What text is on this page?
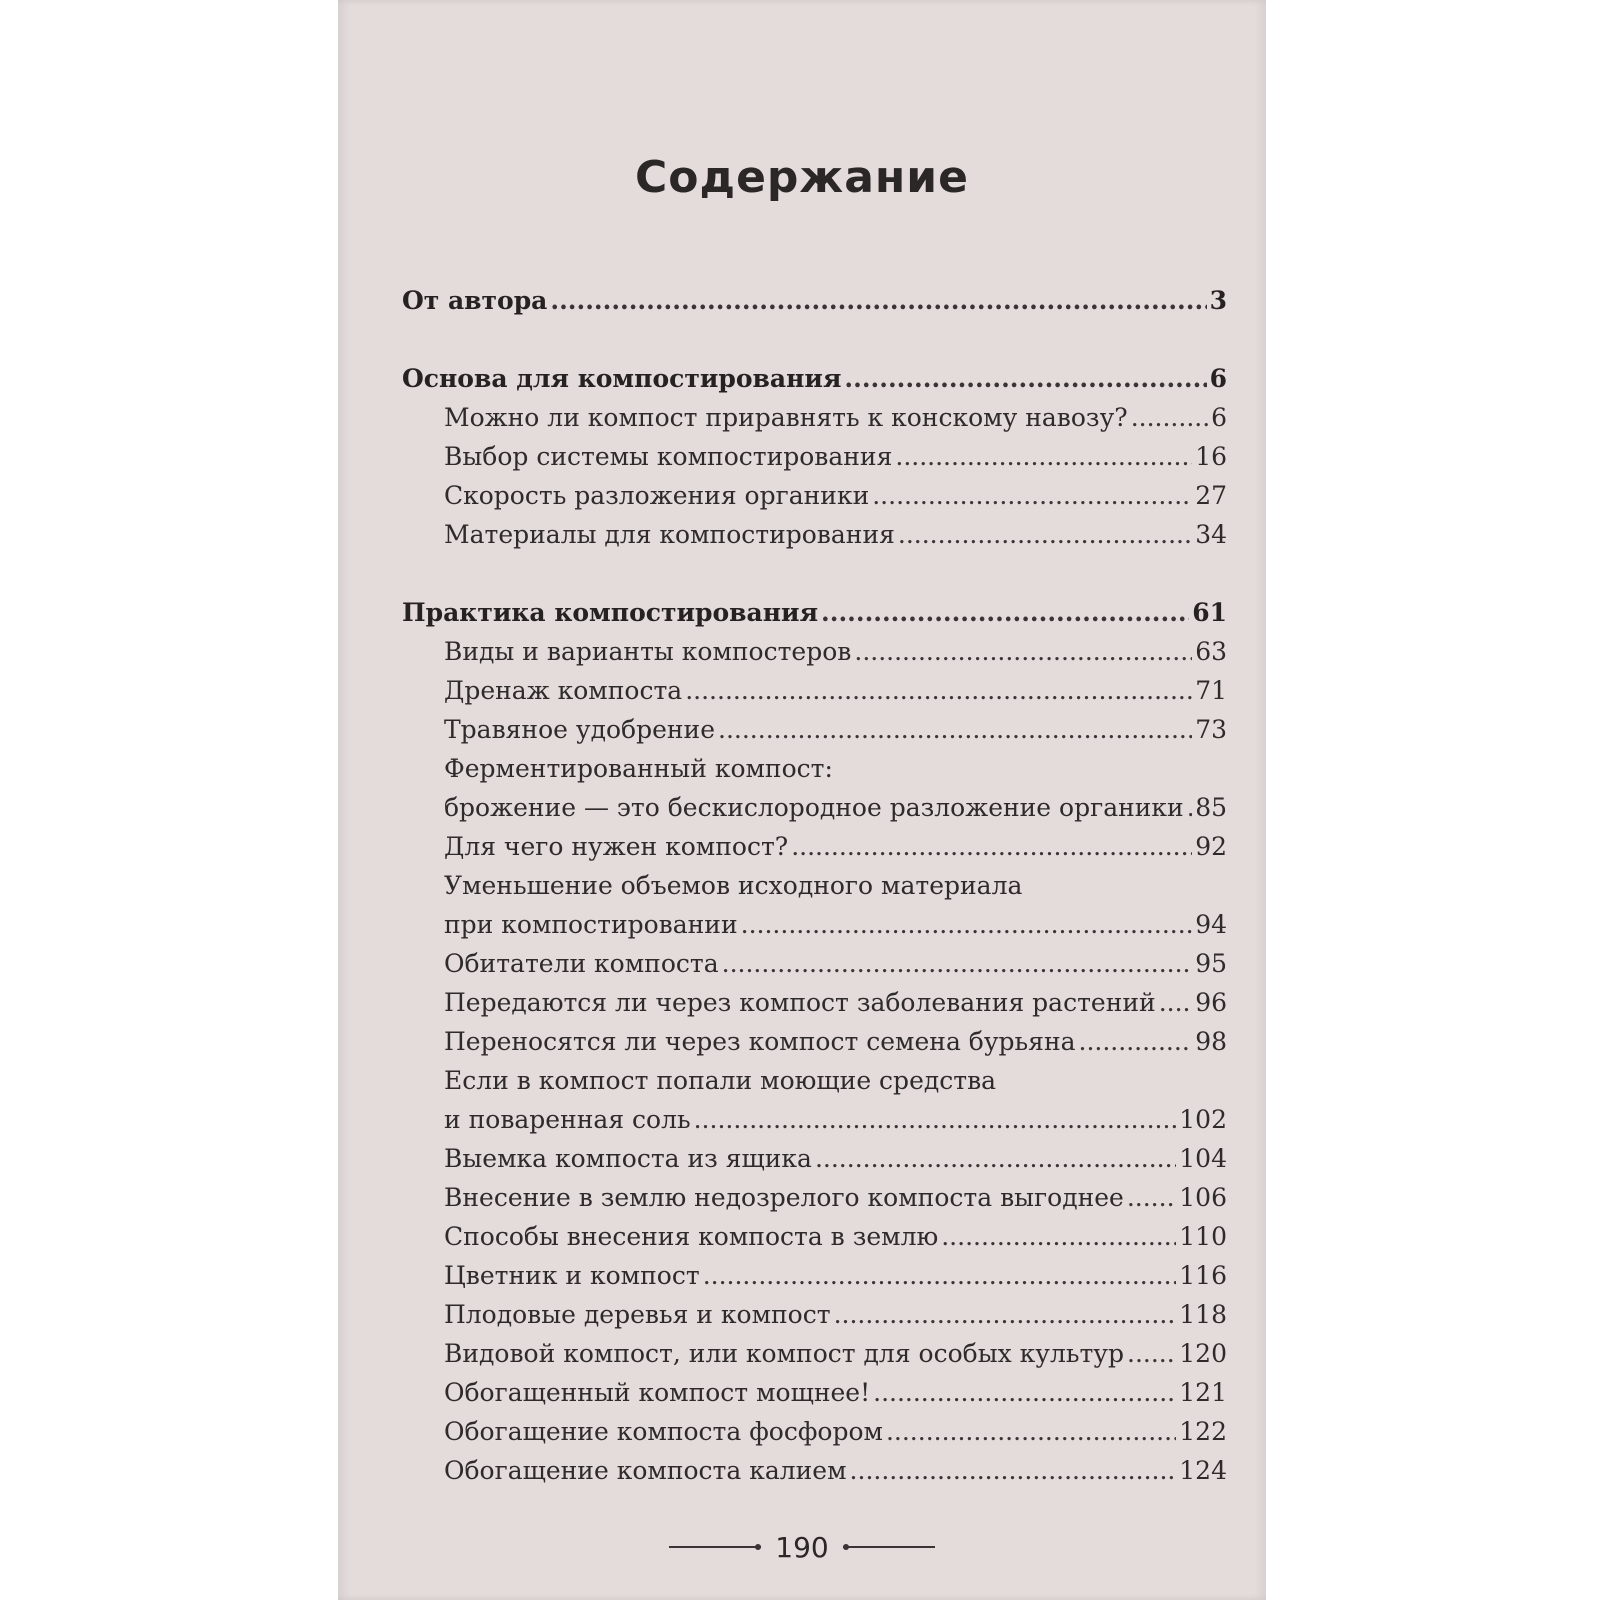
Содержание
От автора .....	3
Основа для компостирования .....	6
Можно ли компост приравнять к конскому навозу? .....	6
Выбор системы компостирования .....	16
Скорость разложения органики .....	27
Материалы для компостирования .....	34
Практика компостирования .....	61
Виды и варианты компостеров .....	63
Дренаж компоста .....	71
Травяное удобрение .....	73
Ферментированный компост:
брожение — это бескислородное разложение органики ..... 85
Для чего нужен компост? .....	92
Уменьшение объемов исходного материала
при компостировании .....	94
Обитатели компоста .....	95
Передаются ли через компост заболевания растений ..... 96
Переносятся ли через компост семена бурьяна .....	98
Если в компост попали моющие средства
и поваренная соль .....	102
Выемка компоста из ящика .....	104
Внесение в землю недозрелого компоста выгоднее ..... 106
Способы внесения компоста в землю .....	110
Цветник и компост .....	116
Плодовые деревья и компост .....	118
Видовой компост, или компост для особых культур ..... 120
Обогащенный компост мощнее! .....	121
Обогащение компоста фосфором .....	122
Обогащение компоста калием .....	124
190
